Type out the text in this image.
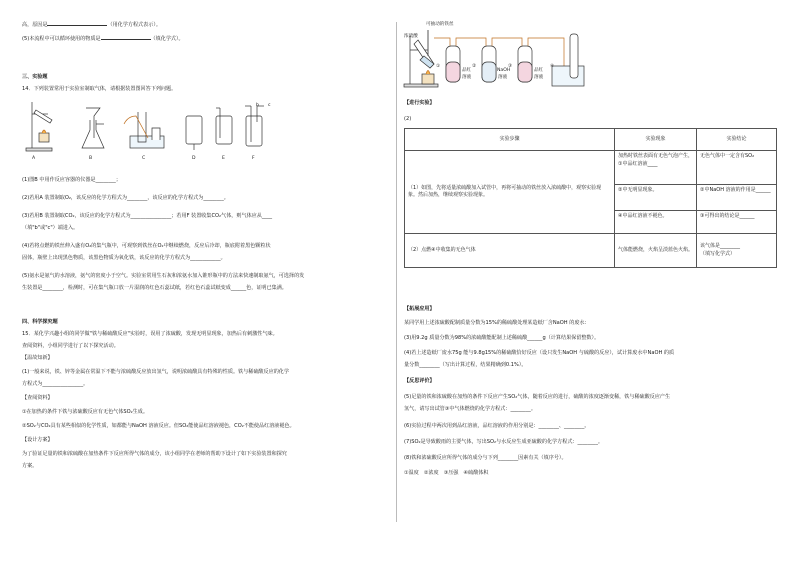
高，原因是	（用化学方程式表示）。
(5)本流程中可以循环使用的物质是	（填化学式）。
三、实验题
14．下列装置常用于实验室制取气体，请根据装置图回答下列问题。
b c
A	B	C	D	E	F
(1)图B 中用作反应容器的仪器是________；
(2)若用A 装置制取O₂，该反应的化学方程式为________，该反应的化学方程式为________。
(3)若用B 装置制取CO₂，该反应的化学方程式为________________；若用F 装置收集CO₂气体，则气体应从____
（填"b"或"c"）端进入。
(4)若将点燃的铁丝伸入盛有O₂的集气瓶中，可观察到铁丝在O₂中继续燃烧，反应后冷却，瓶底附着黑色颗粒状
固体，瓶壁上出现黑色物质，该黑色物质为氧化铁，该反应的化学方程式为____________。
(5)氨水是氨气的水溶液，氨气的密度小于空气。实验室常用生石灰和浓氨水加入锥形瓶中的方法来快速制取氨气，可选择的发
生装置是________，检测时，可在集气瓶口放一片湿润的红色石蕊试纸，若红色石蕊试纸变成______色，证明已集满。
四、科学探究题
15．某化学兴趣小组的同学做"铁与稀硫酸反应"实验时，误用了浓硫酸，发现无明显现象，加热后有刺激性气味。
查阅资料，小组同学进行了以下探究活动。
【温故知新】
(1)一般来说，铁、锌等金属在常温下不能与浓硫酸反应放出氢气，说明浓硫酸具有特殊的性质。铁与稀硫酸反应的化学
方程式为________________。
【查阅资料】
①在加热的条件下铁与浓硫酸反应有无色气体SO₂生成。
②SO₂与CO₂具有某些相似的化学性质，如都能与NaOH 溶液反应。但SO₂能使品红溶液褪色，CO₂不能使品红溶液褪色。
【设计方案】
为了验证足量的铁和浓硫酸在加热条件下反应所得气体的成分，该小组同学在老师的帮助下设计了如下实验装置和探究
方案。
可抽动的铁丝
浓硫酸
①	②	③	④
品红
溶液
NaOH
溶液
品红
溶液
【进行实验】
(2)
实验步骤	实验现象	实验结论
（1）如图，先将适量浓硫酸加入试管中，再将可抽动的铁丝放入浓硫酸中，观察实验现象。然后加热，继续观察实验现象。	加热时铁丝表面有无色气泡产生，①中品红溶液____
②中无明显现象。
④中品红溶液不褪色。	无色气体中一定含有SO₂
②中NaOH 溶液的作用是______
③可得出的结论是______

（2）点燃④中收集的无色气体	气体能燃烧，火焰呈淡蓝色火焰。	该气体是________
（填写化学式）
【拓展应用】
某同学用上述浓硫酸配制质量分数为15%的稀硫酸处理某造纸厂含NaOH 的废水：
(3)用9.2g 质量分数为98%的浓硫酸能配制上述稀硫酸______g（计算结果保留整数）。
(4)若上述造纸厂废水75g 能与9.8g15%的稀硫酸恰好反应（设只发生NaOH 与硫酸的反应），试计算废水中NaOH 的质
量分数________（写出计算过程，结果精确到0.1%）。
【反思评价】
(5)足量的铁和浓硫酸在加热的条件下反应产生SO₂气体，随着反应的进行，硫酸的浓度逐渐变稀，铁与稀硫酸反应产生
氢气，请写出试管③中气体燃烧的化学方程式：________。
(6)实验过程中两次用到品红溶液，品红溶液的作用分别是：________、________。
(7)SO₂是导致酸雨的主要气体，写出SO₂与水反应生成亚硫酸的化学方程式：________。
(8)铁和浓硫酸反应所得气体的成分与下列________因素有关（填序号）。
①温度　②浓度　③压强　④硫酸体积
